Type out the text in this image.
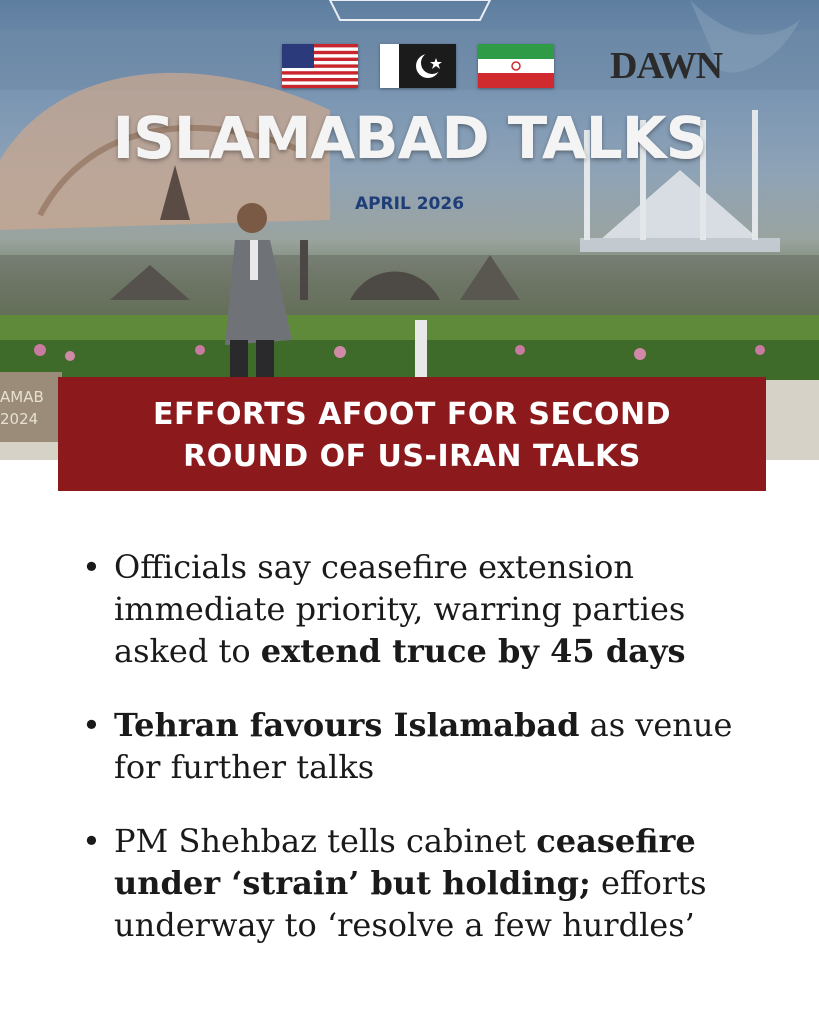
DAWN
ISLAMABAD TALKS
APRIL 2026
AMAB
2024	EFFORTS AFOOT FOR SECOND
ROUND OF US-IRAN TALKS
• Officials say ceasefire extension immediate priority, warring parties asked to extend truce by 45 days
• Tehran favours Islamabad as venue for further talks
• PM Shehbaz tells cabinet ceasefire under ‘strain’ but holding; efforts underway to ‘resolve a few hurdles’
